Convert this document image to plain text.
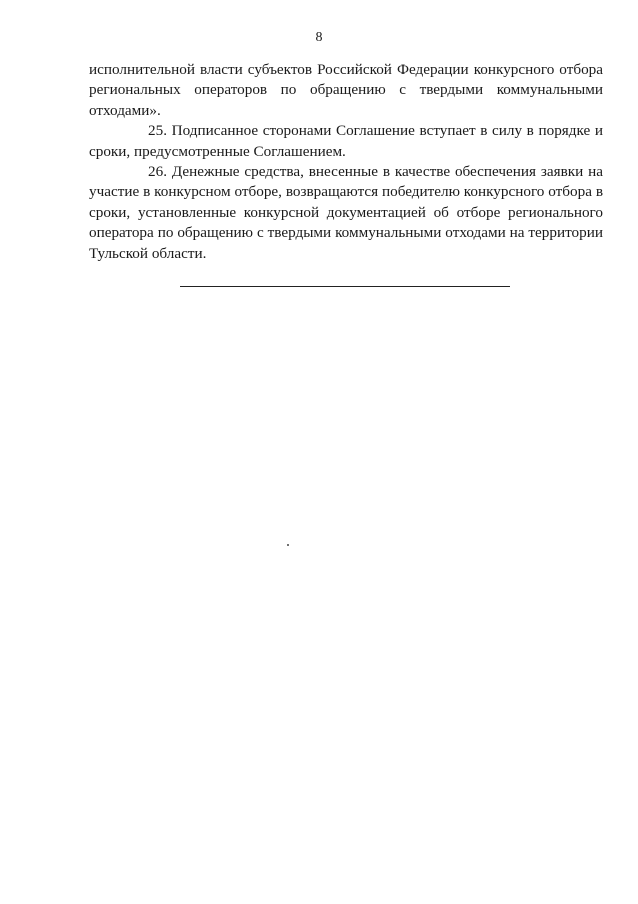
8

исполнительной власти субъектов Российской Федерации конкурсного отбора региональных операторов по обращению с твердыми коммунальными отходами».

25. Подписанное сторонами Соглашение вступает в силу в порядке и сроки, предусмотренные Соглашением.

26. Денежные средства, внесенные в качестве обеспечения заявки на участие в конкурсном отборе, возвращаются победителю конкурсного отбора в сроки, установленные конкурсной документацией об отборе регионального оператора по обращению с твердыми коммунальными отходами на территории Тульской области.
